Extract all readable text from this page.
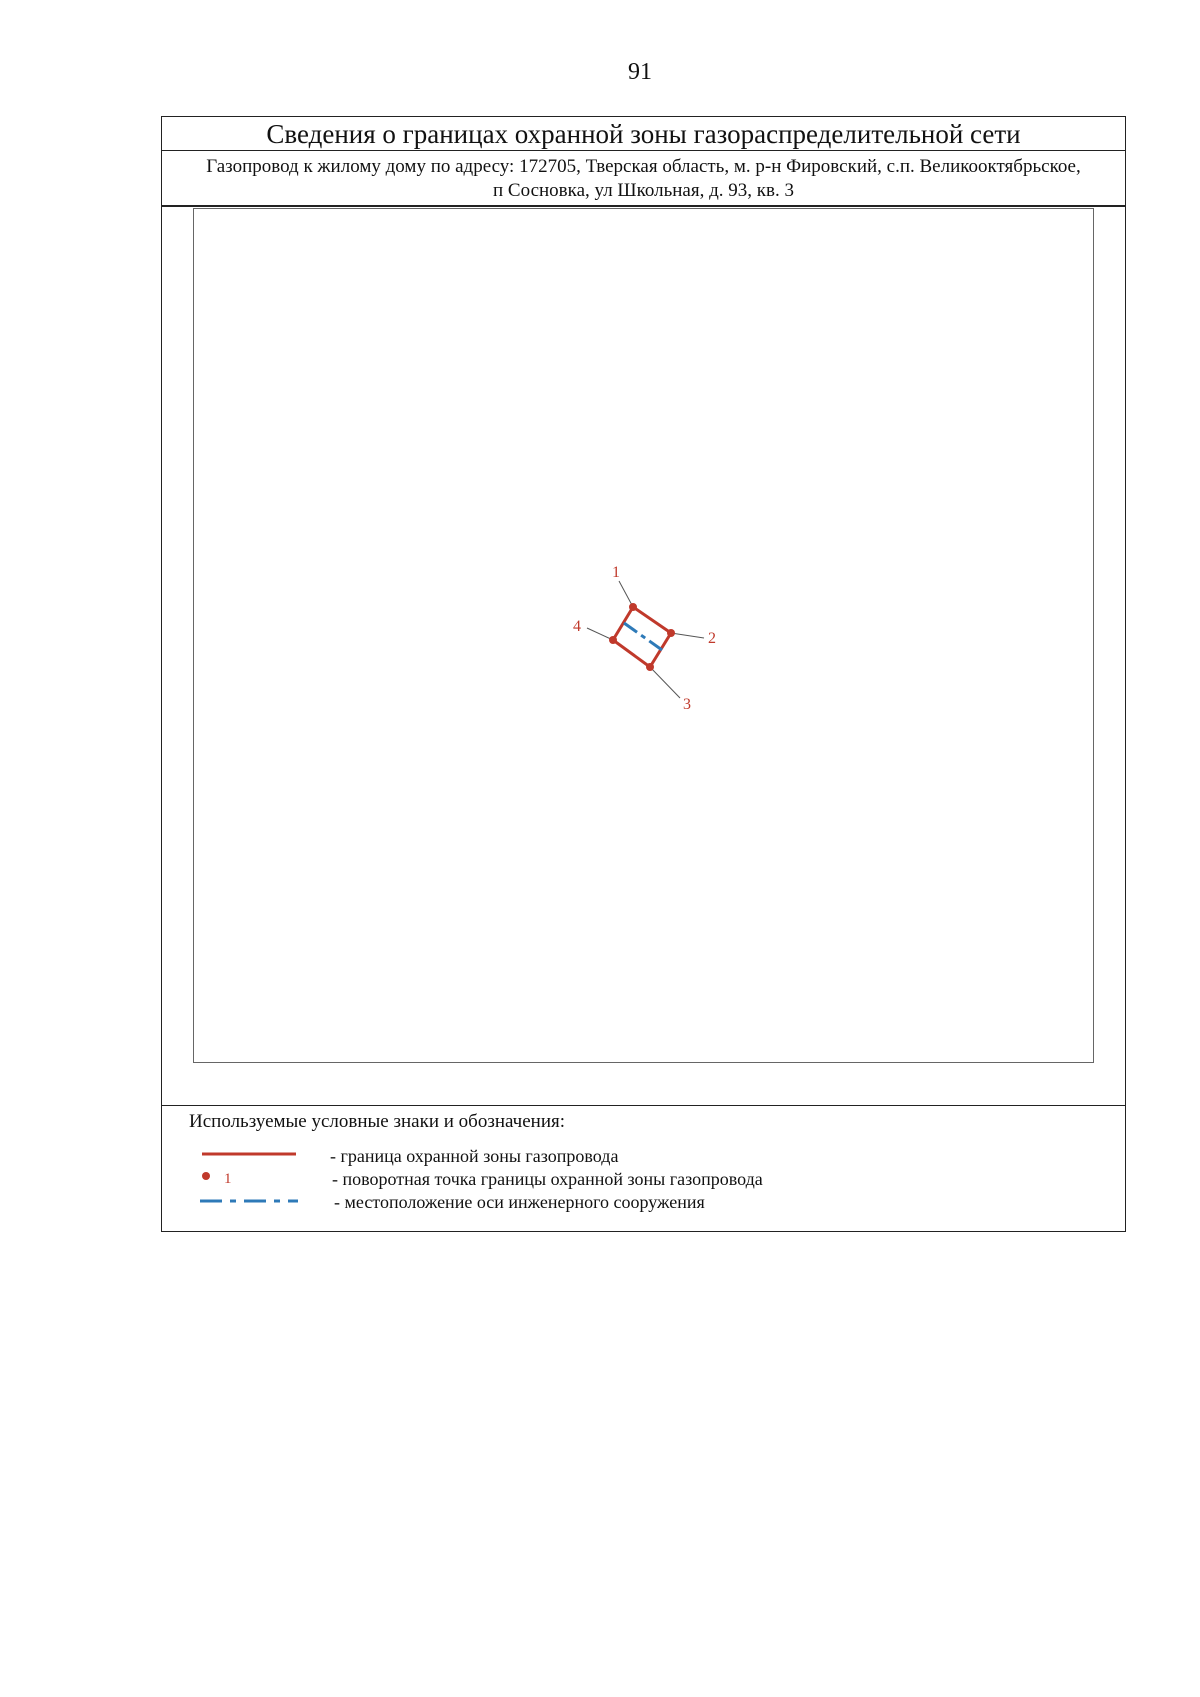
91
Сведения о границах охранной зоны газораспределительной сети
Газопровод к жилому дому по адресу: 172705, Тверская область, м. р-н Фировский, с.п. Великооктябрьское,
п Сосновка, ул Школьная, д. 93, кв. 3
1
2
3
4
Используемые условные знаки и обозначения:
- граница охранной зоны газопровода
1	- поворотная точка границы охранной зоны газопровода
- местоположение оси инженерного сооружения
